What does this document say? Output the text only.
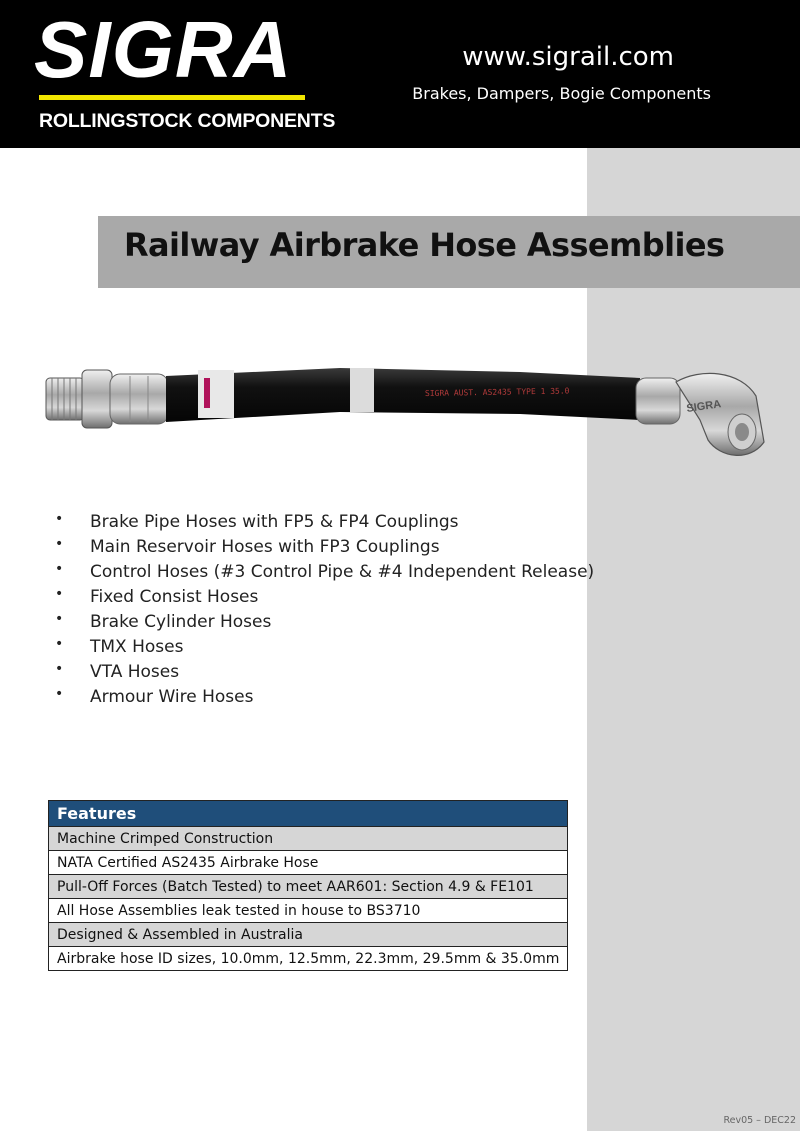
SIGRA
ROLLINGSTOCK COMPONENTS
www.sigrail.com
Brakes, Dampers, Bogie Components
Railway Airbrake Hose Assemblies
SIGRA AUST. AS2435 TYPE 1 35.0
SIGRA
• Brake Pipe Hoses with FP5 & FP4 Couplings
• Main Reservoir Hoses with FP3 Couplings
• Control Hoses (#3 Control Pipe & #4 Independent Release)
• Fixed Consist Hoses
• Brake Cylinder Hoses
• TMX Hoses
• VTA Hoses
• Armour Wire Hoses
Features
Machine Crimped Construction
NATA Certified AS2435 Airbrake Hose
Pull-Off Forces (Batch Tested) to meet AAR601: Section 4.9 & FE101
All Hose Assemblies leak tested in house to BS3710
Designed & Assembled in Australia
Airbrake hose ID sizes, 10.0mm, 12.5mm, 22.3mm, 29.5mm & 35.0mm
Rev05 – DEC22
